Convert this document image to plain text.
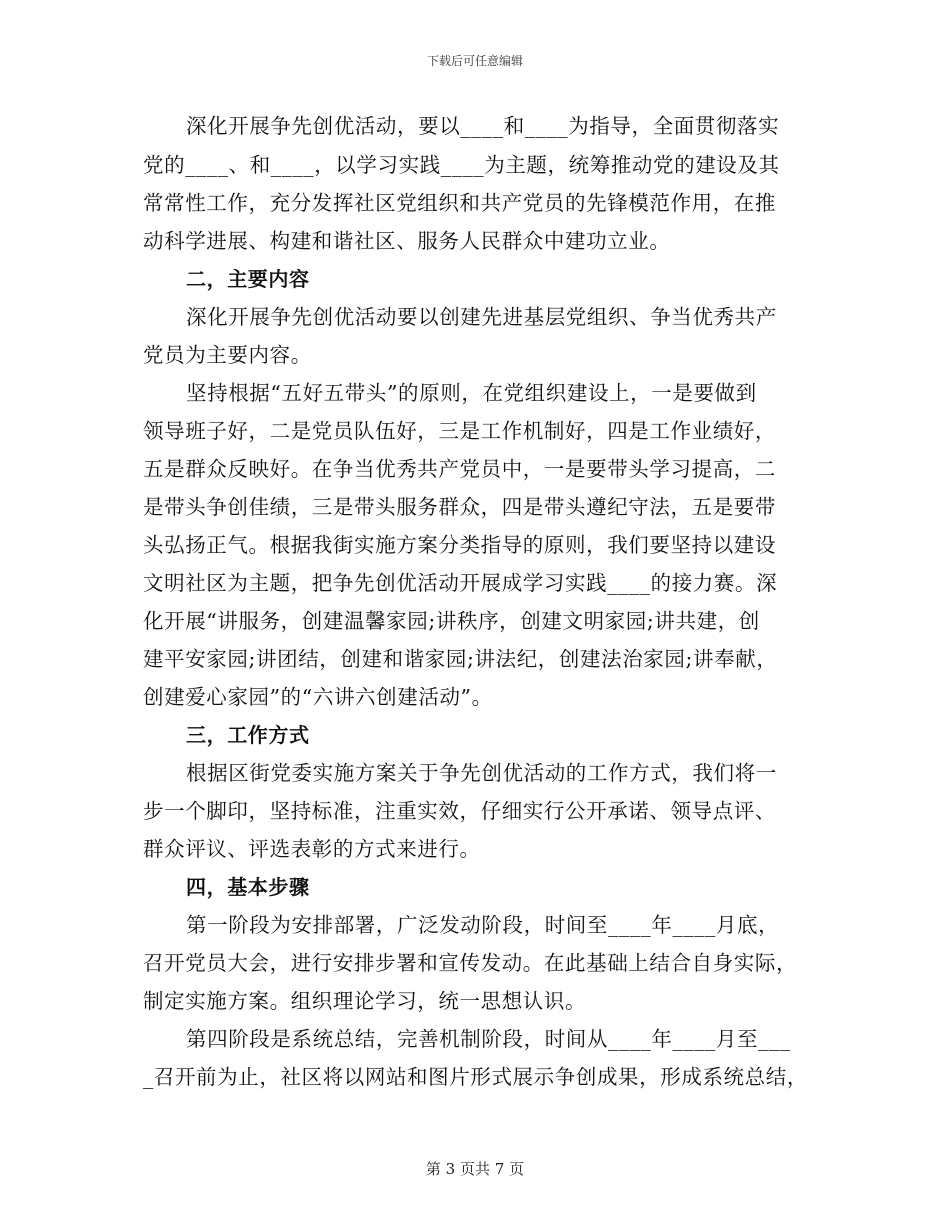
下载后可任意编辑
深化开展争先创优活动，要以____和____为指导，全面贯彻落实
党的____、和____，以学习实践____为主题，统筹推动党的建设及其
常常性工作，充分发挥社区党组织和共产党员的先锋模范作用，在推
动科学进展、构建和谐社区、服务人民群众中建功立业。
二，主要内容
深化开展争先创优活动要以创建先进基层党组织、争当优秀共产
党员为主要内容。
坚持根据“五好五带头”的原则，在党组织建设上，一是要做到
领导班子好，二是党员队伍好，三是工作机制好，四是工作业绩好，
五是群众反映好。在争当优秀共产党员中，一是要带头学习提高，二
是带头争创佳绩，三是带头服务群众，四是带头遵纪守法，五是要带
头弘扬正气。根据我街实施方案分类指导的原则，我们要坚持以建设
文明社区为主题，把争先创优活动开展成学习实践____的接力赛。深
化开展“讲服务，创建温馨家园;讲秩序，创建文明家园;讲共建，创
建平安家园;讲团结，创建和谐家园;讲法纪，创建法治家园;讲奉献，
创建爱心家园”的“六讲六创建活动”。
三，工作方式
根据区街党委实施方案关于争先创优活动的工作方式，我们将一
步一个脚印，坚持标准，注重实效，仔细实行公开承诺、领导点评、
群众评议、评选表彰的方式来进行。
四，基本步骤
第一阶段为安排部署，广泛发动阶段，时间至____年____月底，
召开党员大会，进行安排步署和宣传发动。在此基础上结合自身实际，
制定实施方案。组织理论学习，统一思想认识。
第四阶段是系统总结，完善机制阶段，时间从____年____月至___
_召开前为止，社区将以网站和图片形式展示争创成果，形成系统总结，
第 3 页共 7 页
